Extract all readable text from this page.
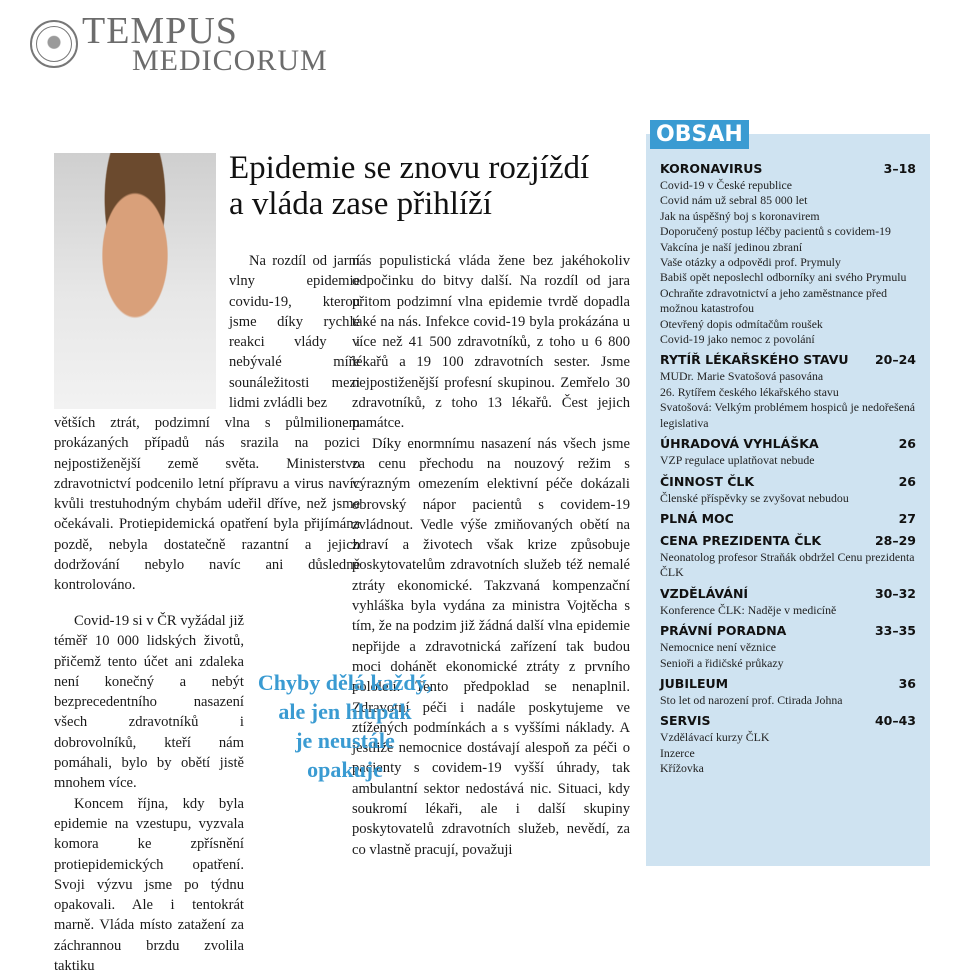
TEMPUS
MEDICORUM
Epidemie se znovu rozjíždí
a vláda zase přihlíží

Na rozdíl od jarní vlny epidemie covidu-19, kterou jsme díky rychlé reakci vlády i nebývalé míře sounáležitosti mezi lidmi zvládli bez

větších ztrát, podzimní vlna s půlmilionem prokázaných případů nás srazila na pozici nejpostiženější země světa. Ministerstvo zdravotnictví podcenilo letní přípravu a virus navíc kvůli trestuhodným chybám udeřil dříve, než jsme očekávali. Protiepidemická opatření byla přijímána pozdě, nebyla dostatečně razantní a jejich dodržování nebylo navíc ani důsledně kontrolováno.

Covid-19 si v ČR vyžádal již téměř 10 000 lidských životů, přičemž tento účet ani zdaleka není konečný a nebýt bezprecedentního nasazení všech zdravotníků i dobrovolníků, kteří nám pomáhali, bylo by obětí jistě mnohem více.

Koncem října, kdy byla epidemie na vzestupu, vyzvala komora ke zpřísnění protiepidemických opatření. Svoji výzvu jsme po týdnu opakovali. Ale i tentokrát marně. Vláda místo zatažení za záchrannou brzdu zvolila taktiku

nás populistická vláda žene bez jakéhokoliv odpočinku do bitvy další. Na rozdíl od jara přitom podzimní vlna epidemie tvrdě dopadla také na nás. Infekce covid-19 byla prokázána u více než 41 500 zdravotníků, z toho u 6 800 lékařů a 19 100 zdravotních sester. Jsme nejpostiženější profesní skupinou. Zemřelo 30 zdravotníků, z toho 13 lékařů. Čest jejich památce.

Díky enormnímu nasazení nás všech jsme za cenu přechodu na nouzový režim s výrazným omezením elektivní péče dokázali obrovský nápor pacientů s covidem-19 zvládnout. Vedle výše zmiňovaných obětí na zdraví a životech však krize způsobuje poskytovatelům zdravotních služeb též nemalé ztráty ekonomické. Takzvaná kompenzační vyhláška byla vydána za ministra Vojtěcha s tím, že na podzim již žádná další vlna epidemie nepřijde a zdravotnická zařízení tak budou moci dohánět ekonomické ztráty z prvního pololetí. Tento předpoklad se nenaplnil. Zdravotní péči i nadále poskytujeme ve ztížených podmínkách a s vyššími náklady. A jestliže nemocnice dostávají alespoň za péči o pacienty s covidem-19 vyšší úhrady, tak ambulantní sektor nedostává nic. Situaci, kdy soukromí lékaři, ale i další skupiny poskytovatelů zdravotních služeb, nevědí, za co vlastně pracují, považuji

Chyby dělá každý,
ale jen hlupák
je neustále
opakuje
OBSAH
KORONAVIRUS	3–18
Covid-19 v České republice
Covid nám už sebral 85 000 let
Jak na úspěšný boj s koronavirem
Doporučený postup léčby pacientů s covidem-19
Vakcína je naší jedinou zbraní
Vaše otázky a odpovědi prof. Prymuly
Babiš opět neposlechl odborníky ani svého Prymulu
Ochraňte zdravotnictví a jeho zaměstnance před možnou katastrofou
Otevřený dopis odmítačům roušek
Covid-19 jako nemoc z povolání
RYTÍŘ LÉKAŘSKÉHO STAVU 20–24
MUDr. Marie Svatošová pasována
26. Rytířem českého lékařského stavu
Svatošová: Velkým problémem hospiců je nedořešená legislativa
ÚHRADOVÁ VYHLÁŠKA	26
VZP regulace uplatňovat nebude
ČINNOST ČLK	26
Členské příspěvky se zvyšovat nebudou
PLNÁ MOC	27
CENA PREZIDENTA ČLK	28–29
Neonatolog profesor Straňák obdržel Cenu prezidenta ČLK
VZDĚLÁVÁNÍ	30–32
Konference ČLK: Naděje v medicíně
PRÁVNÍ PORADNA	33–35
Nemocnice není věznice
Senioři a řidičské průkazy
JUBILEUM	36
Sto let od narození prof. Ctirada Johna
SERVIS	40–43
Vzdělávací kurzy ČLK
Inzerce
Křížovka
